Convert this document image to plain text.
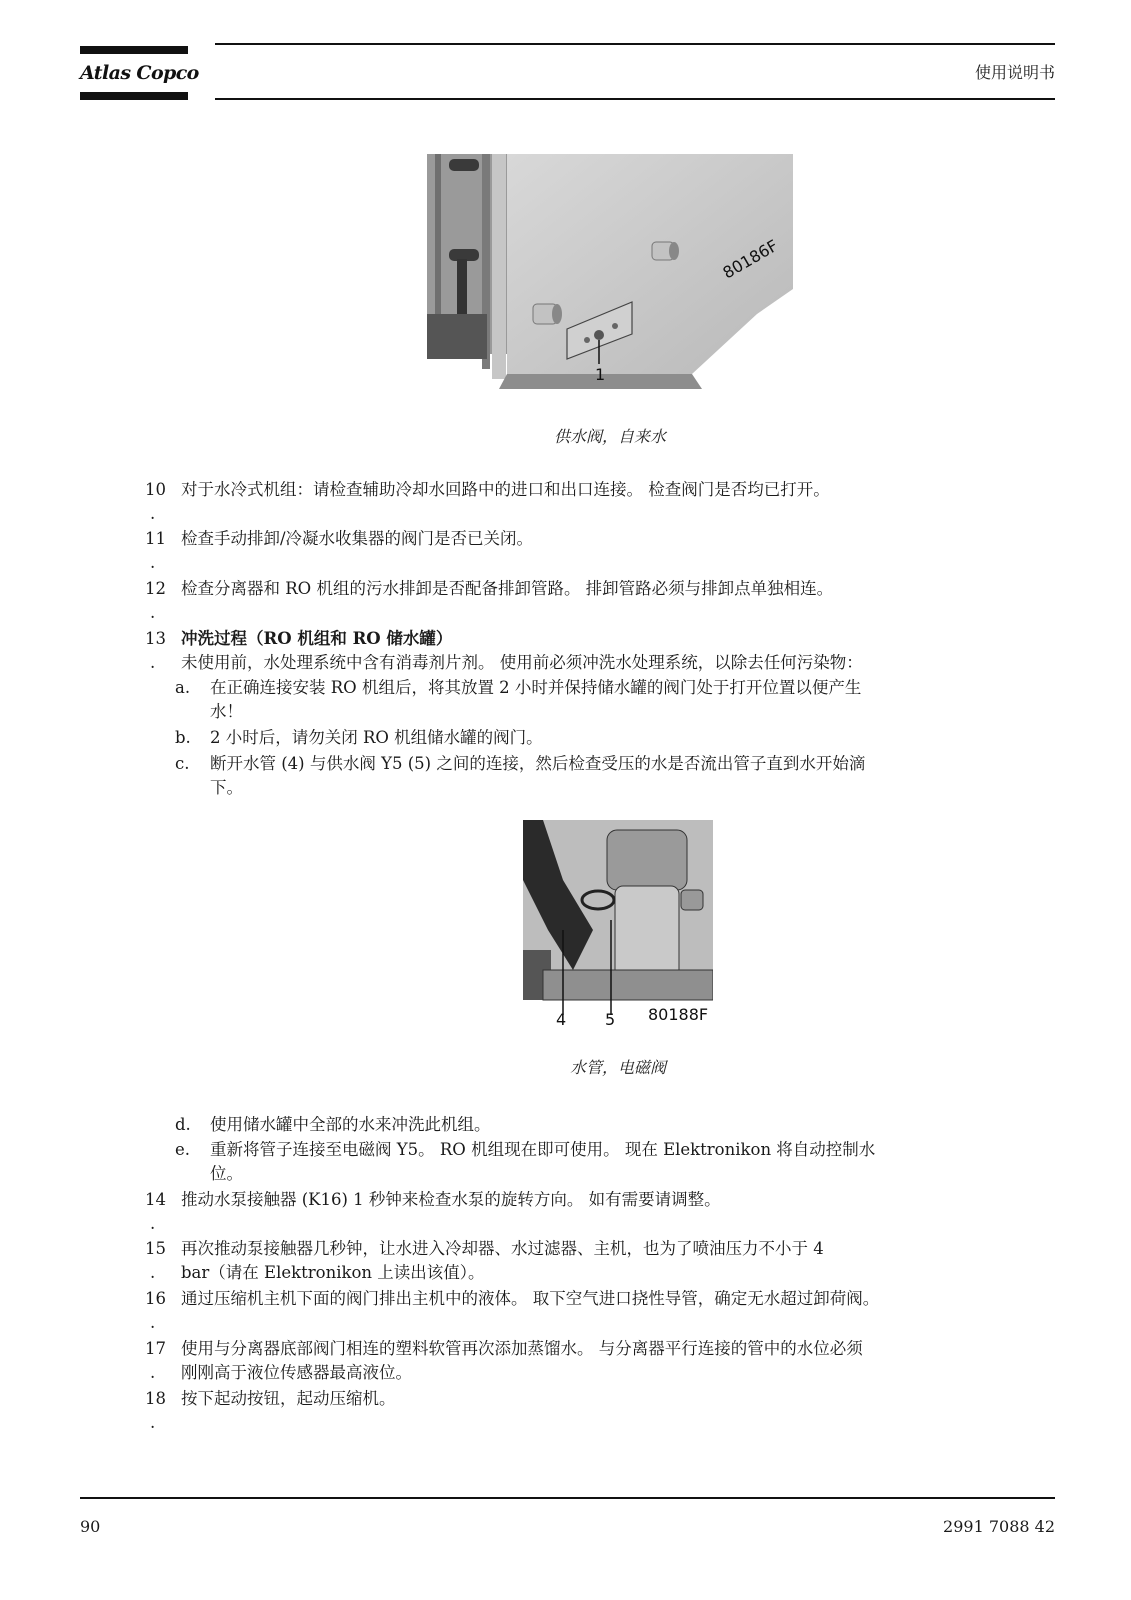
Atlas Copco	使用说明书
1
80186F
供水阀，自来水
10 对于水冷式机组：请检查辅助冷却水回路中的进口和出口连接。 检查阀门是否均已打开。
.
11 检查手动排卸/冷凝水收集器的阀门是否已关闭。
.
12 检查分离器和 RO 机组的污水排卸是否配备排卸管路。 排卸管路必须与排卸点单独相连。
.
13 冲洗过程（RO 机组和 RO 储水罐）
. 未使用前，水处理系统中含有消毒剂片剂。 使用前必须冲洗水处理系统，以除去任何污染物：
a. 在正确连接安装 RO 机组后，将其放置 2 小时并保持储水罐的阀门处于打开位置以便产生
水！
b. 2 小时后，请勿关闭 RO 机组储水罐的阀门。
c. 断开水管 (4) 与供水阀 Y5 (5) 之间的连接，然后检查受压的水是否流出管子直到水开始滴
下。
4 5 80188F
水管，电磁阀
d. 使用储水罐中全部的水来冲洗此机组。
e. 重新将管子连接至电磁阀 Y5。 RO 机组现在即可使用。 现在 Elektronikon 将自动控制水
位。
14 推动水泵接触器 (K16) 1 秒钟来检查水泵的旋转方向。 如有需要请调整。
.
15 再次推动泵接触器几秒钟，让水进入冷却器、水过滤器、主机，也为了喷油压力不小于 4
. bar（请在 Elektronikon 上读出该值）。
16 通过压缩机主机下面的阀门排出主机中的液体。 取下空气进口挠性导管，确定无水超过卸荷阀。
.
17 使用与分离器底部阀门相连的塑料软管再次添加蒸馏水。 与分离器平行连接的管中的水位必须
. 刚刚高于液位传感器最高液位。
18 按下起动按钮，起动压缩机。
.
90	2991 7088 42
